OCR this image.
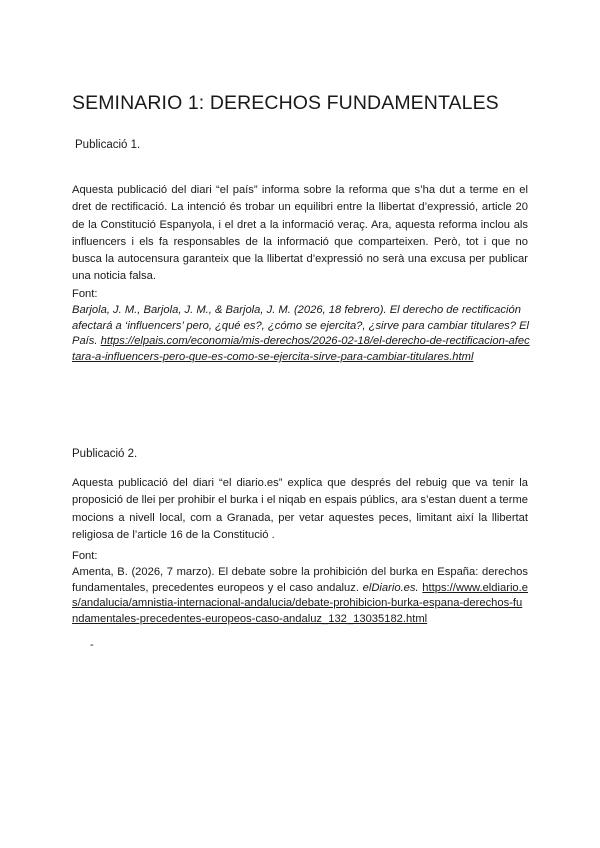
SEMINARIO 1: DERECHOS FUNDAMENTALES
Publicació 1.

Aquesta publicació del diari “el país” informa sobre la reforma que s’ha dut a terme en el dret de rectificació. La intenció és trobar un equilibri entre la llibertat d’expressió, article 20 de la Constitució Espanyola, i el dret a la informació veraç. Ara, aquesta reforma inclou als influencers i els fa responsables de la informació que comparteixen. Però, tot i que no busca la autocensura garanteix que la llibertat d’expressió no serà una excusa per publicar una noticia falsa.

Font:
Barjola, J. M., Barjola, J. M., & Barjola, J. M. (2026, 18 febrero). El derecho de rectificación afectará a ‘influencers’ pero, ¿qué es?, ¿cómo se ejercita?, ¿sirve para cambiar titulares? El País. https://elpais.com/economia/mis-derechos/2026-02-18/el-derecho-de-rectificacion-afectara-a-influencers-pero-que-es-como-se-ejercita-sirve-para-cambiar-titulares.html
Publicació 2.

Aquesta publicació del diari “el diario.es” explica que després del rebuig que va tenir la proposició de llei per prohibir el burka i el niqab en espais públics, ara s’estan duent a terme mocions a nivell local, com a Granada, per vetar aquestes peces, limitant així la llibertat religiosa de l’article 16 de la Constitució .

Font:
Amenta, B. (2026, 7 marzo). El debate sobre la prohibición del burka en España: derechos fundamentales, precedentes europeos y el caso andaluz. elDiario.es. https://www.eldiario.es/andalucia/amnistia-internacional-andalucia/debate-prohibicion-burka-espana-derechos-fundamentales-precedentes-europeos-caso-andaluz_132_13035182.html
-
